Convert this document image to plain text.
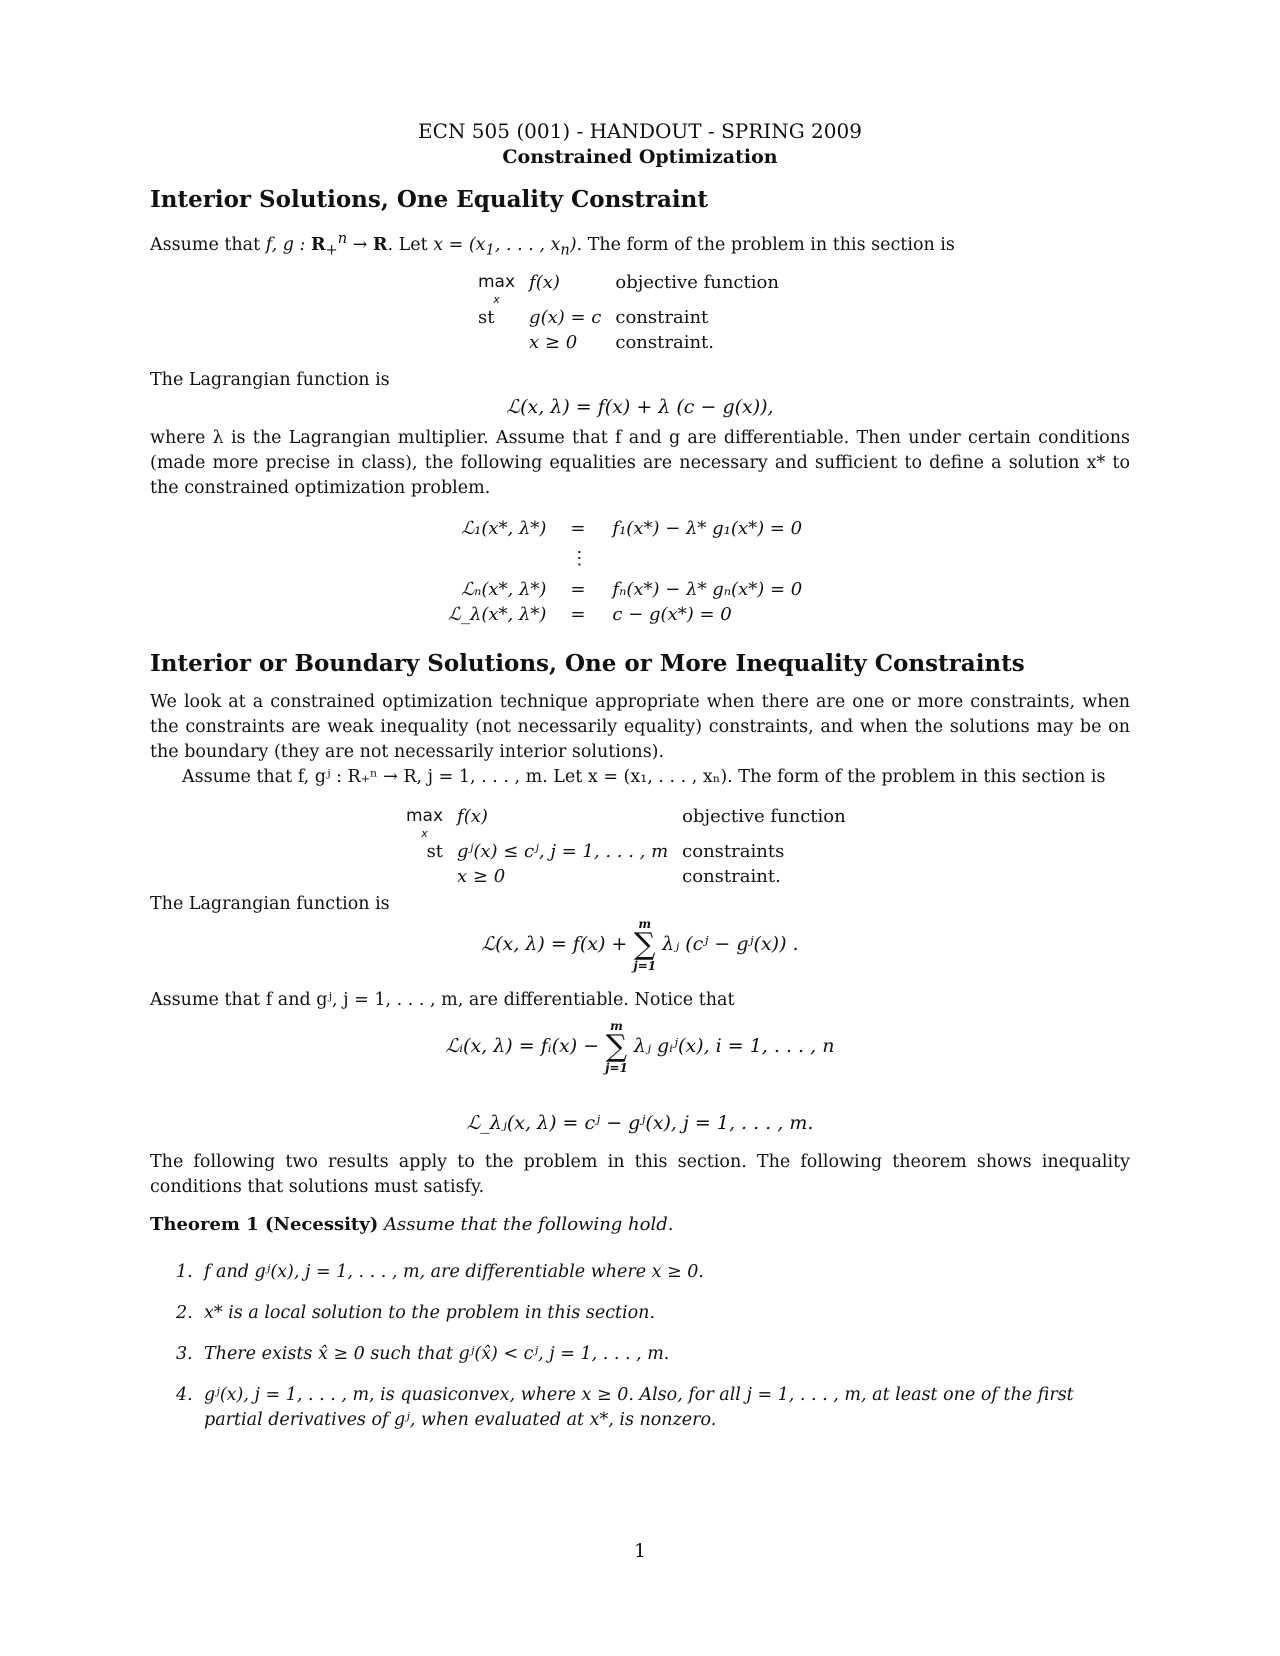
ECN 505 (001) - HANDOUT - SPRING 2009
Constrained Optimization
Interior Solutions, One Equality Constraint
Assume that f, g : $R_+^n \to R$. Let $x = (x_1$, . . . , $x_n$). The form of the problem in this section is
max
x	f(x)	objective function
st	g(x) = c	constraint
	x ≥ 0	constraint.
The Lagrangian function is
ℒ(x, λ) = f(x) + λ (c − g(x)),
where λ is the Lagrangian multiplier. Assume that f and g are differentiable. Then under certain conditions (made more precise in class), the following equalities are necessary and sufficient to define a solution x* to the constrained optimization problem.
ℒ₁(x*, λ*)	=	f₁(x*) − λ* g₁(x*) = 0
	⋮	
ℒₙ(x*, λ*)	=	fₙ(x*) − λ* gₙ(x*) = 0
ℒ_λ(x*, λ*)	=	c − g(x*) = 0
Interior or Boundary Solutions, One or More Inequality Constraints
We look at a constrained optimization technique appropriate when there are one or more constraints, when the constraints are weak inequality (not necessarily equality) constraints, and when the solutions may be on the boundary (they are not necessarily interior solutions).
Assume that f, gʲ : R₊ⁿ → R, j = 1, . . . , m. Let x = (x₁, . . . , xₙ). The form of the problem in this section is
max
x	f(x)	objective function
st	gʲ(x) ≤ cʲ, j = 1, . . . , m	constraints
	x ≥ 0	constraint.
The Lagrangian function is
ℒ(x, λ) = f(x) +
m
∑
j=1
λⱼ (cʲ − gʲ(x)) .
Assume that f and gʲ, j = 1, . . . , m, are differentiable. Notice that
ℒᵢ(x, λ) = fᵢ(x) −
m
∑
j=1
λⱼ gᵢʲ(x), i = 1, . . . , n
ℒ_λⱼ(x, λ) = cʲ − gʲ(x), j = 1, . . . , m.
The following two results apply to the problem in this section. The following theorem shows inequality conditions that solutions must satisfy.
Theorem 1 (Necessity) Assume that the following hold.
1. f and gʲ(x), j = 1, . . . , m, are differentiable where x ≥ 0.
2. x* is a local solution to the problem in this section.
3. There exists x̂ ≥ 0 such that gʲ(x̂) < cʲ, j = 1, . . . , m.
4. gʲ(x), j = 1, . . . , m, is quasiconvex, where x ≥ 0. Also, for all j = 1, . . . , m, at least one of the first partial derivatives of gʲ, when evaluated at x*, is nonzero.
1
